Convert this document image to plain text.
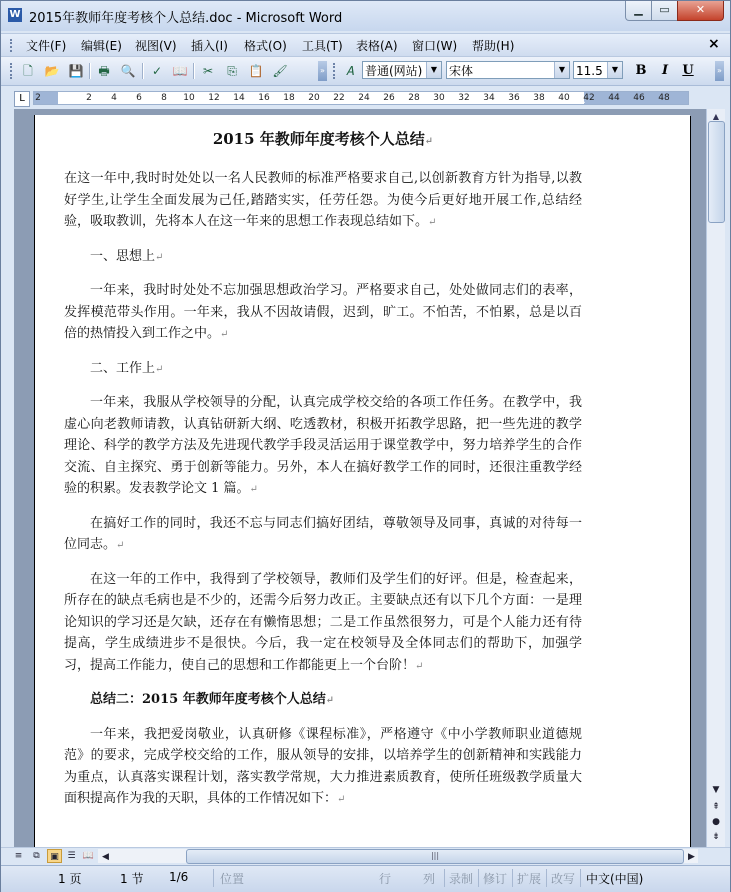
W 2015年教师年度考核个人总结.doc - Microsoft Word
▁	▭	✕
文件(F) 编辑(E) 视图(V) 插入(I) 格式(O) 工具(T) 表格(A) 窗口(W) 帮助(H)	×
🗋 📂 💾 🖶 🔍	✓ 📖	✂	⎘ 📋 🖌	»	𝐴 普通(网站)	▼ 宋体	▼ 11.5	▼	B	I	U	»
L	2	2 4 6 8 10 12 14 16 18 20 22 24 26 28 30 32 34 36 38 40 42 44 46 48

2015 年教师年度考核个人总结↵

在这一年中,我时时处处以一名人民教师的标准严格要求自己,以创新教育方针为指导,以教好学生,让学生全面发展为己任,踏踏实实，任劳任怨。为使今后更好地开展工作,总结经验，吸取教训，先将本人在这一年来的思想工作表现总结如下。↵

一、思想上↵

一年来，我时时处处不忘加强思想政治学习。严格要求自己，处处做同志们的表率，发挥模范带头作用。一年来，我从不因故请假，迟到，旷工。不怕苦，不怕累，总是以百倍的热情投入到工作之中。↵

二、工作上↵

一年来，我服从学校领导的分配，认真完成学校交给的各项工作任务。在教学中，我虚心向老教师请教，认真钻研新大纲、吃透教材，积极开拓教学思路，把一些先进的教学理论、科学的教学方法及先进现代教学手段灵活运用于课堂教学中，努力培养学生的合作交流、自主探究、勇于创新等能力。另外，本人在搞好教学工作的同时，还很注重教学经验的积累。发表教学论文 1 篇。↵

在搞好工作的同时，我还不忘与同志们搞好团结，尊敬领导及同事，真诚的对待每一位同志。↵

在这一年的工作中，我得到了学校领导，教师们及学生们的好评。但是，检查起来，所存在的缺点毛病也是不少的，还需今后努力改正。主要缺点还有以下几个方面：一是理论知识的学习还是欠缺，还存在有懒惰思想；二是工作虽然很努力，可是个人能力还有待提高，学生成绩进步不是很快。今后，我一定在校领导及全体同志们的帮助下，加强学习，提高工作能力，使自己的思想和工作都能更上一个台阶！↵

总结二：2015 年教师年度考核个人总结↵

一年来，我把爱岗敬业，认真研修《课程标准》，严格遵守《中小学教师职业道德规范》的要求，完成学校交给的工作，服从领导的安排，以培养学生的创新精神和实践能力为重点，认真落实课程计划，落实教学常规，大力推进素质教育，使所任班级教学质量大面积提高作为我的天职，具体的工作情况如下：↵

▲
▼
⇞
●
⇟
≡	⧉	▣ ☰ 📖 ◀	|||	▶
1 页	1 节 1/6	位置	行	列 录制 修订 扩展 改写 中文(中国)
